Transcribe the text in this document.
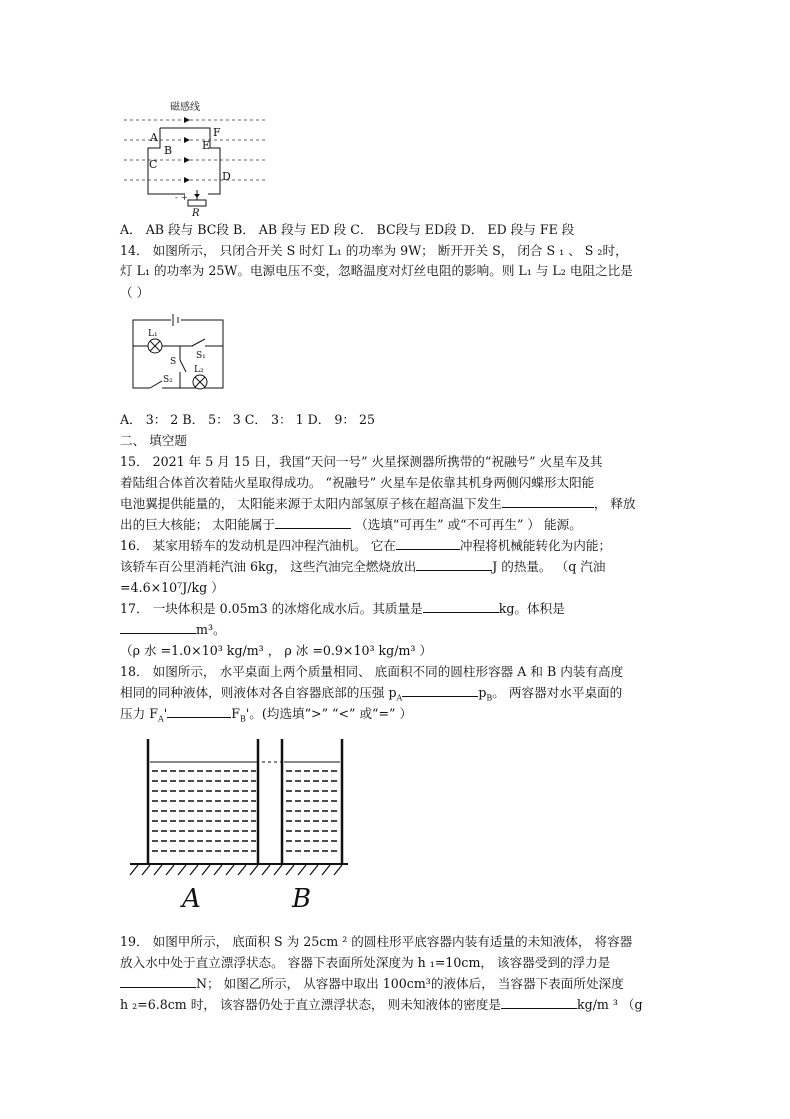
磁感线
- +
A
B
C
D
E
F
R
A． AB 段与 BC段 B． AB 段与 ED 段 C． BC段与 ED段 D． ED 段与 FE 段
14． 如图所示， 只闭合开关 S 时灯 L₁ 的功率为 9W； 断开开关 S， 闭合 S ₁ 、 S ₂时，
灯 L₁ 的功率为 25W。电源电压不变，忽略温度对灯丝电阻的影响。则 L₁ 与 L₂ 电阻之比是
（ ）
L₁
S
S₁
S₂
L₂
A． 3： 2 B． 5： 3 C． 3： 1 D． 9： 25
二、 填空题
15． 2021 年 5 月 15 日，我国“天问一号” 火星探测器所携带的“祝融号” 火星车及其
着陆组合体首次着陆火星取得成功。 “祝融号” 火星车是依靠其机身两侧闪蝶形太阳能
电池翼提供能量的， 太阳能来源于太阳内部氢原子核在超高温下发生	， 释放
出的巨大核能； 太阳能属于	（选填“可再生” 或“不可再生” ） 能源。
16． 某家用轿车的发动机是四冲程汽油机。 它在	冲程将机械能转化为内能；
该轿车百公里消耗汽油 6kg， 这些汽油完全燃烧放出	J 的热量。 （q 汽油
=4.6×10⁷J/kg ）
17． 一块体积是 0.05m3 的冰熔化成水后。其质量是	kg。体积是
m³。
（ρ 水 =1.0×10³ kg/m³ ， ρ 冰 =0.9×10³ kg/m³ ）
18． 如图所示， 水平桌面上两个质量相同、 底面积不同的圆柱形容器 A 和 B 内装有高度
相同的同种液体，则液体对各自容器底部的压强 $p_A$	$p_B$。 两容器对水平桌面的
压力 $F_A'$	$F_B'$。(均选填“>” “<” 或“=” ）
A	B
19． 如图甲所示， 底面积 S 为 25cm ² 的圆柱形平底容器内装有适量的未知液体， 将容器
放入水中处于直立漂浮状态。 容器下表面所处深度为 h ₁=10cm， 该容器受到的浮力是
N； 如图乙所示， 从容器中取出 100cm³的液体后， 当容器下表面所处深度
h ₂=6.8cm 时， 该容器仍处于直立漂浮状态， 则未知液体的密度是	kg/m ³ （g
